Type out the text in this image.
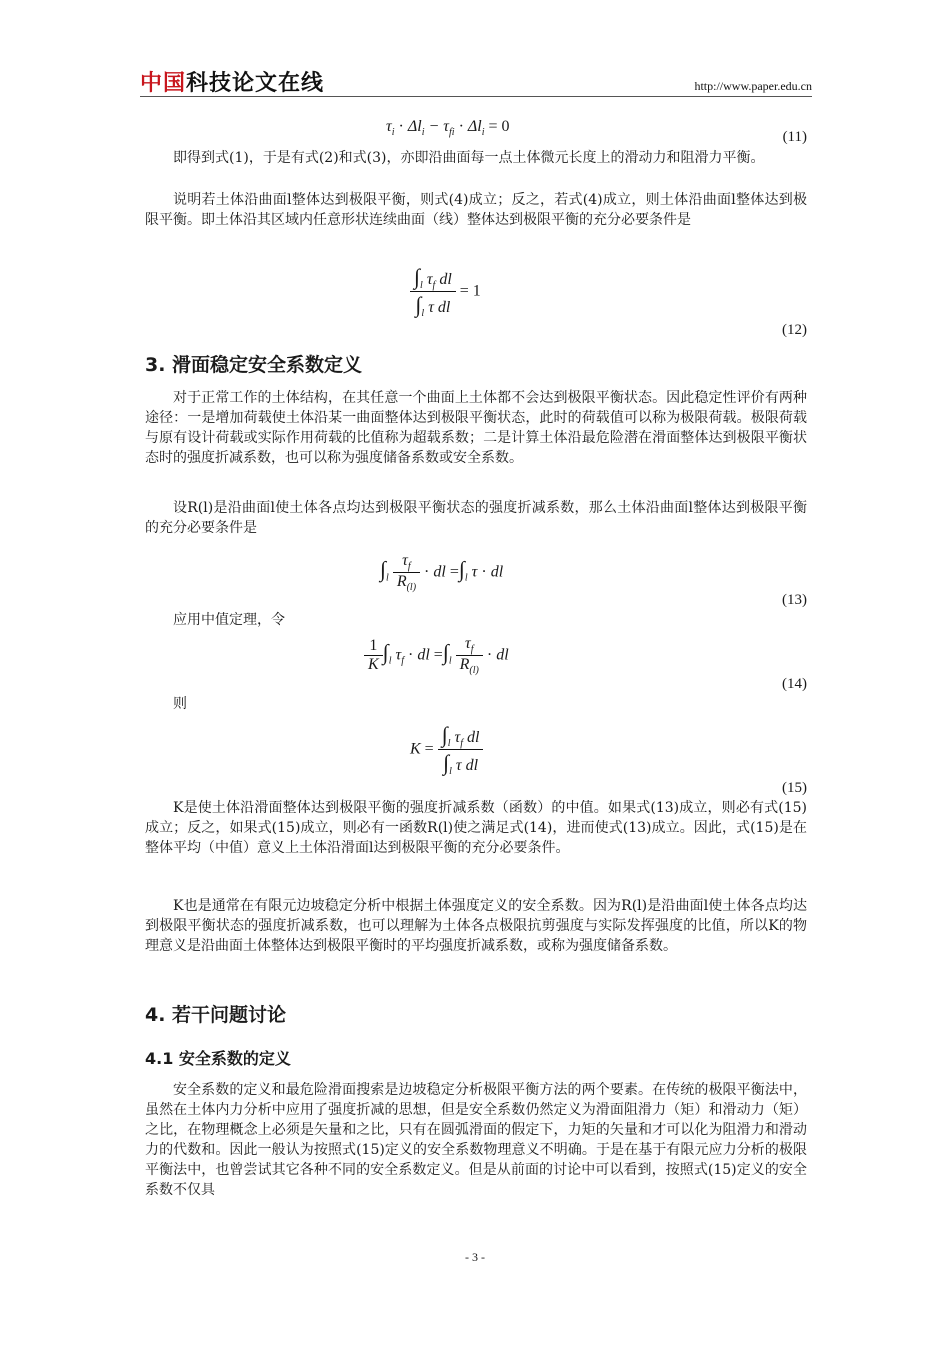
中国科技论文在线	http://www.paper.edu.cn
$\tau_i \cdot \Delta l_i - \tau_{fi} \cdot \Delta l_i = 0$
(11)
即得到式(1)，于是有式(2)和式(3)，亦即沿曲面每一点土体微元长度上的滑动力和阻滑力平衡。
说明若土体沿曲面l整体达到极限平衡，则式(4)成立；反之，若式(4)成立，则土体沿曲面l整体达到极限平衡。即土体沿其区域内任意形状连续曲面（线）整体达到极限平衡的充分必要条件是
$\frac{\int_l \tau_f dl}{\int_l \tau dl} = 1$
(12)
3. 滑面稳定安全系数定义
对于正常工作的土体结构，在其任意一个曲面上土体都不会达到极限平衡状态。因此稳定性评价有两种途径：一是增加荷载使土体沿某一曲面整体达到极限平衡状态，此时的荷载值可以称为极限荷载。极限荷载与原有设计荷载或实际作用荷载的比值称为超载系数；二是计算土体沿最危险潜在滑面整体达到极限平衡状态时的强度折减系数，也可以称为强度储备系数或安全系数。
设R(l)是沿曲面l使土体各点均达到极限平衡状态的强度折减系数，那么土体沿曲面l整体达到极限平衡的充分必要条件是
$\int_l \frac{\tau_f}{R_{(l)}}$ · dl $=\int_l$ τ · dl
(13)
应用中值定理，令
$\frac{1}{K} \int_l$ $\tau_f$ · dl $=\int_l \frac{\tau_f}{R_{(l)}}$ · dl
(14)
则
$K = \frac{\int_l \tau_f dl}{\int_l \tau dl}$
(15)
K是使土体沿滑面整体达到极限平衡的强度折减系数（函数）的中值。如果式(13)成立，则必有式(15)成立；反之，如果式(15)成立，则必有一函数R(l)使之满足式(14)，进而使式(13)成立。因此，式(15)是在整体平均（中值）意义上土体沿滑面l达到极限平衡的充分必要条件。
K也是通常在有限元边坡稳定分析中根据土体强度定义的安全系数。因为R(l)是沿曲面l使土体各点均达到极限平衡状态的强度折减系数，也可以理解为土体各点极限抗剪强度与实际发挥强度的比值，所以K的物理意义是沿曲面土体整体达到极限平衡时的平均强度折减系数，或称为强度储备系数。
4. 若干问题讨论
4.1 安全系数的定义
安全系数的定义和最危险滑面搜索是边坡稳定分析极限平衡方法的两个要素。在传统的极限平衡法中，虽然在土体内力分析中应用了强度折减的思想，但是安全系数仍然定义为滑面阻滑力（矩）和滑动力（矩）之比，在物理概念上必须是矢量和之比，只有在圆弧滑面的假定下，力矩的矢量和才可以化为阻滑力和滑动力的代数和。因此一般认为按照式(15)定义的安全系数物理意义不明确。于是在基于有限元应力分析的极限平衡法中，也曾尝试其它各种不同的安全系数定义。但是从前面的讨论中可以看到，按照式(15)定义的安全系数不仅具
- 3 -
